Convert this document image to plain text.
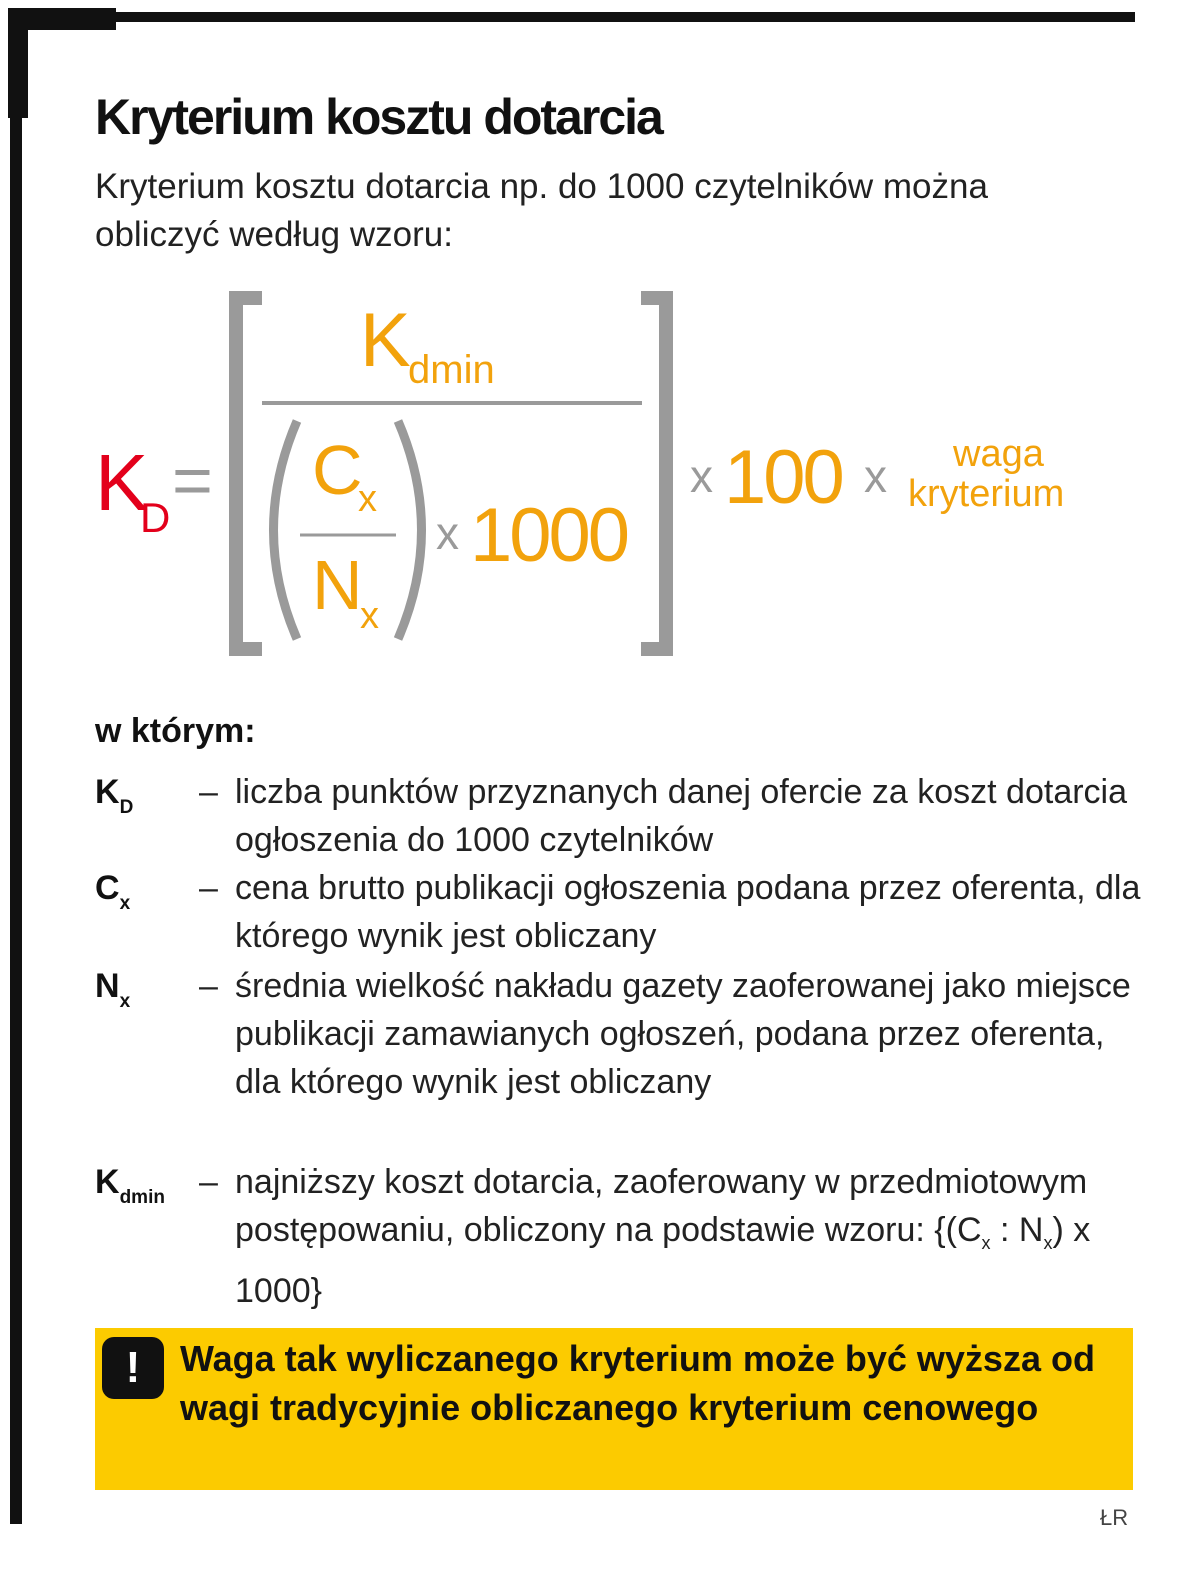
Kryterium kosztu dotarcia
Kryterium kosztu dotarcia np. do 1000 czytelników można obliczyć według wzoru:
K
D =
K
dmin
C
x
N
x
x 1000
x 100 x waga
kryterium
w którym:
$K_D$ – liczba punktów przyznanych danej ofercie za koszt dotarcia ogłoszenia do 1000 czytelników
$C_x$ – cena brutto publikacji ogłoszenia podana przez oferenta, dla którego wynik jest obliczany
$N_x$ – średnia wielkość nakładu gazety zaoferowanej jako miejsce publikacji zamawianych ogłoszeń, podana przez oferenta, dla którego wynik jest obliczany
$K_{dmin}$ – najniższy koszt dotarcia, zaoferowany w przedmiotowym postępowaniu, obliczony na podstawie wzoru: {($C_x$ : $N_x$) x 1000}
!	Waga tak wyliczanego kryterium może być wyższa od wagi tradycyjnie obliczanego kryterium cenowego
ŁR
